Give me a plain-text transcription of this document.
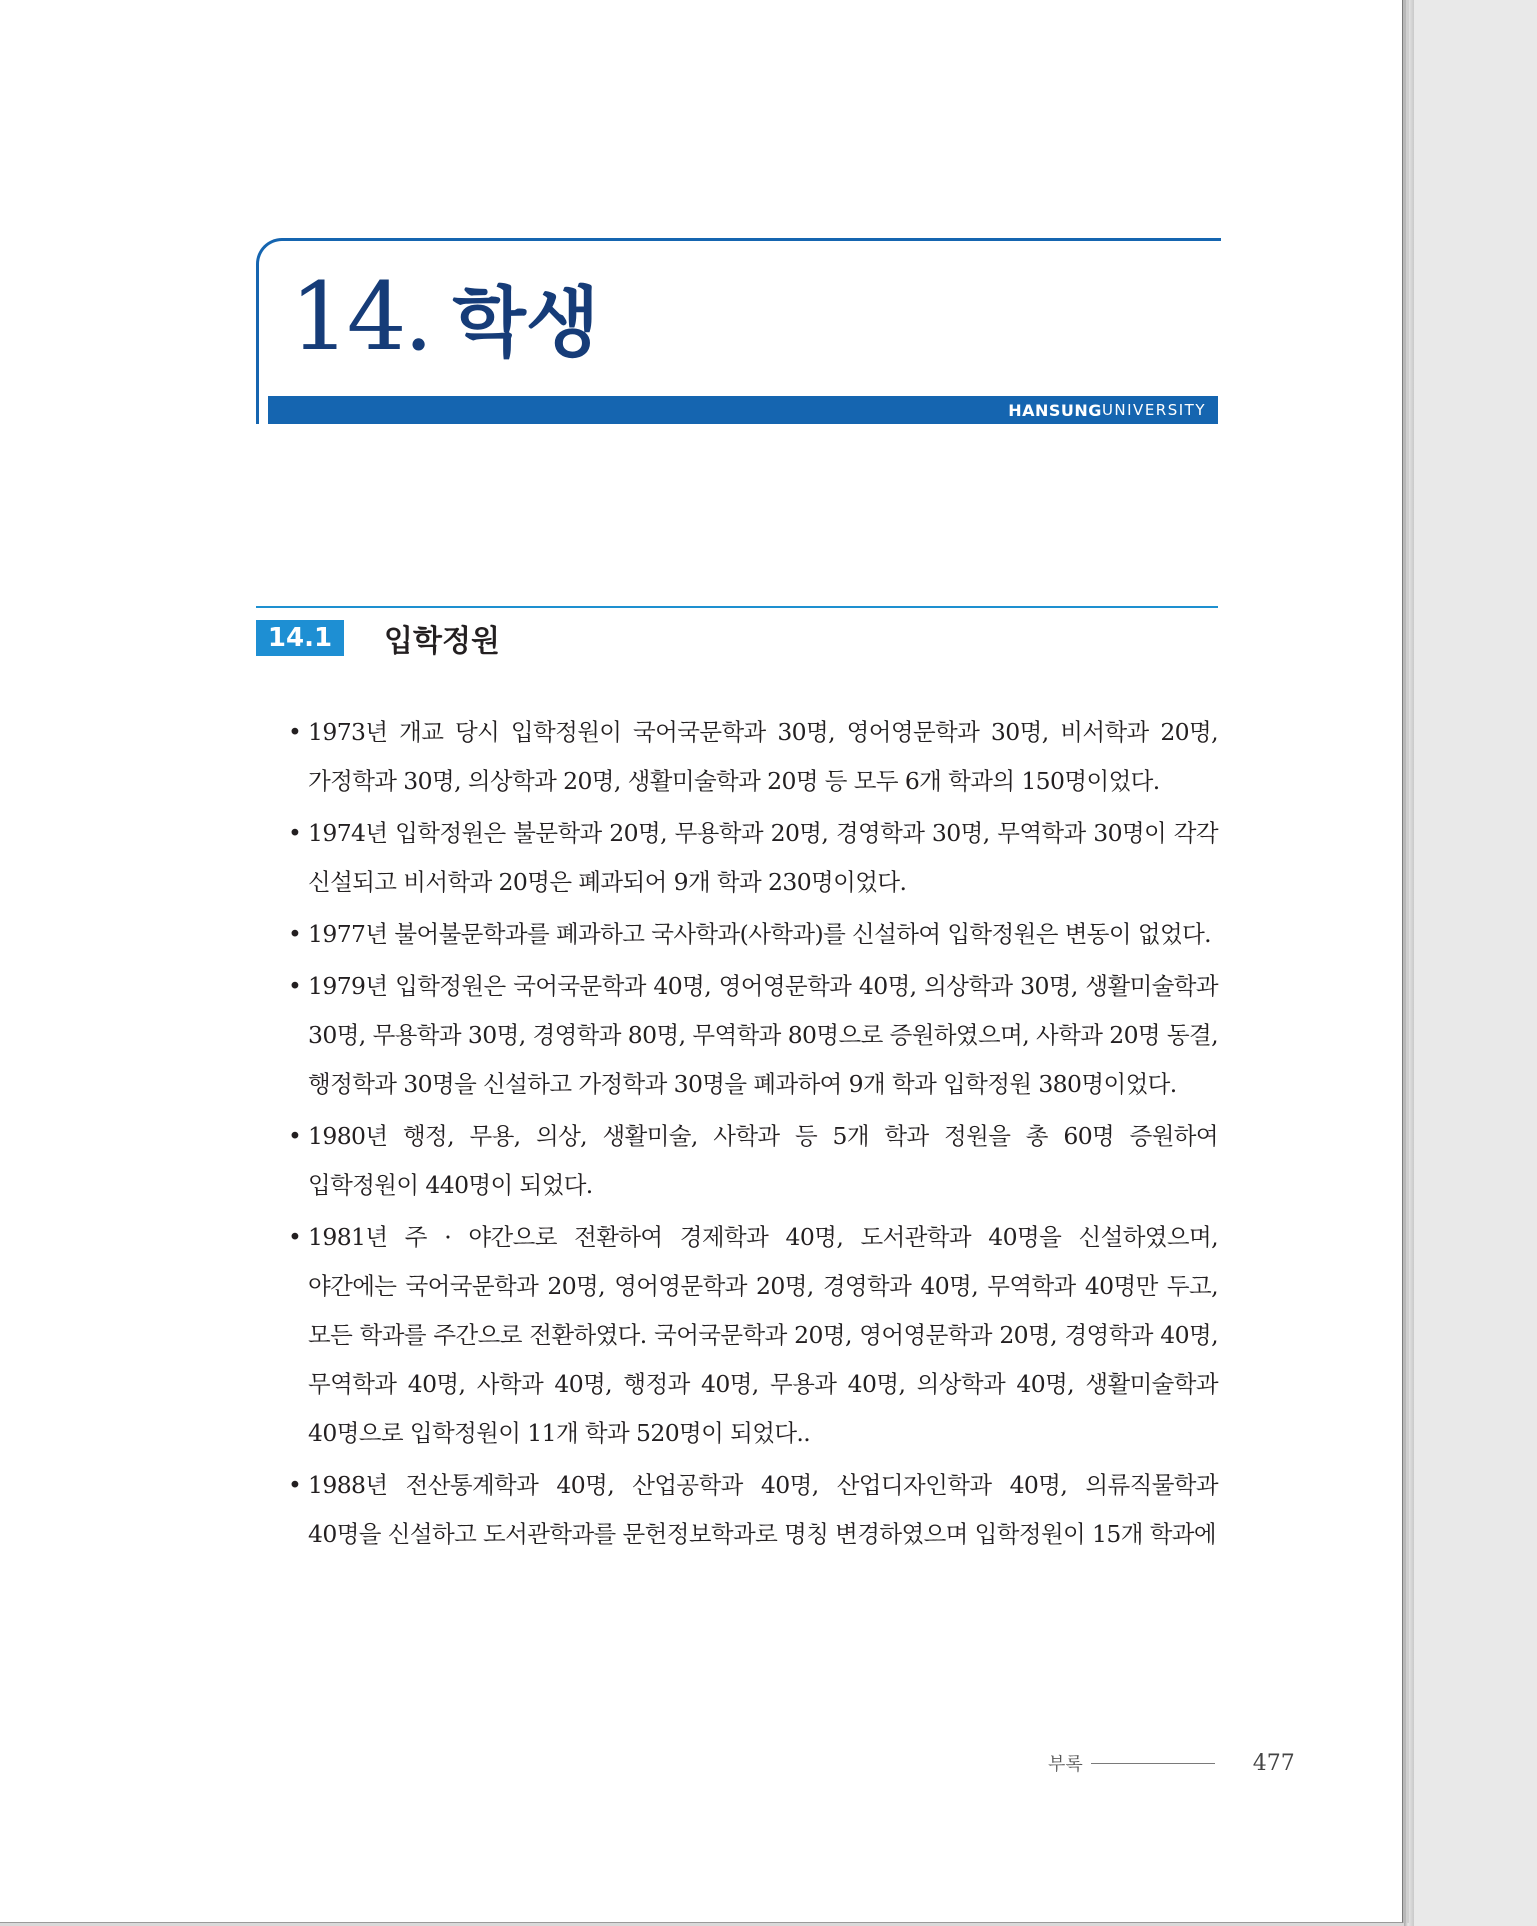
14. 학생
HANSUNG UNIVERSITY
14.1	입학정원
• 1973년 개교 당시 입학정원이 국어국문학과 30명, 영어영문학과 30명, 비서학과 20명, 가정학과 30명, 의상학과 20명, 생활미술학과 20명 등 모두 6개 학과의 150명이었다.
• 1974년 입학정원은 불문학과 20명, 무용학과 20명, 경영학과 30명, 무역학과 30명이 각각 신설되고 비서학과 20명은 폐과되어 9개 학과 230명이었다.
• 1977년 불어불문학과를 폐과하고 국사학과(사학과)를 신설하여 입학정원은 변동이 없었다.
• 1979년 입학정원은 국어국문학과 40명, 영어영문학과 40명, 의상학과 30명, 생활미술학과 30명, 무용학과 30명, 경영학과 80명, 무역학과 80명으로 증원하였으며, 사학과 20명 동결, 행정학과 30명을 신설하고 가정학과 30명을 폐과하여 9개 학과 입학정원 380명이었다.
• 1980년 행정, 무용, 의상, 생활미술, 사학과 등 5개 학과 정원을 총 60명 증원하여 입학정원이 440명이 되었다.
• 1981년 주 · 야간으로 전환하여 경제학과 40명, 도서관학과 40명을 신설하였으며, 야간에는 국어국문학과 20명, 영어영문학과 20명, 경영학과 40명, 무역학과 40명만 두고, 모든 학과를 주간으로 전환하였다. 국어국문학과 20명, 영어영문학과 20명, 경영학과 40명, 무역학과 40명, 사학과 40명, 행정과 40명, 무용과 40명, 의상학과 40명, 생활미술학과 40명으로 입학정원이 11개 학과 520명이 되었다..
• 1988년 전산통계학과 40명, 산업공학과 40명, 산업디자인학과 40명, 의류직물학과 40명을 신설하고 도서관학과를 문헌정보학과로 명칭 변경하였으며 입학정원이 15개 학과에
부록	477
